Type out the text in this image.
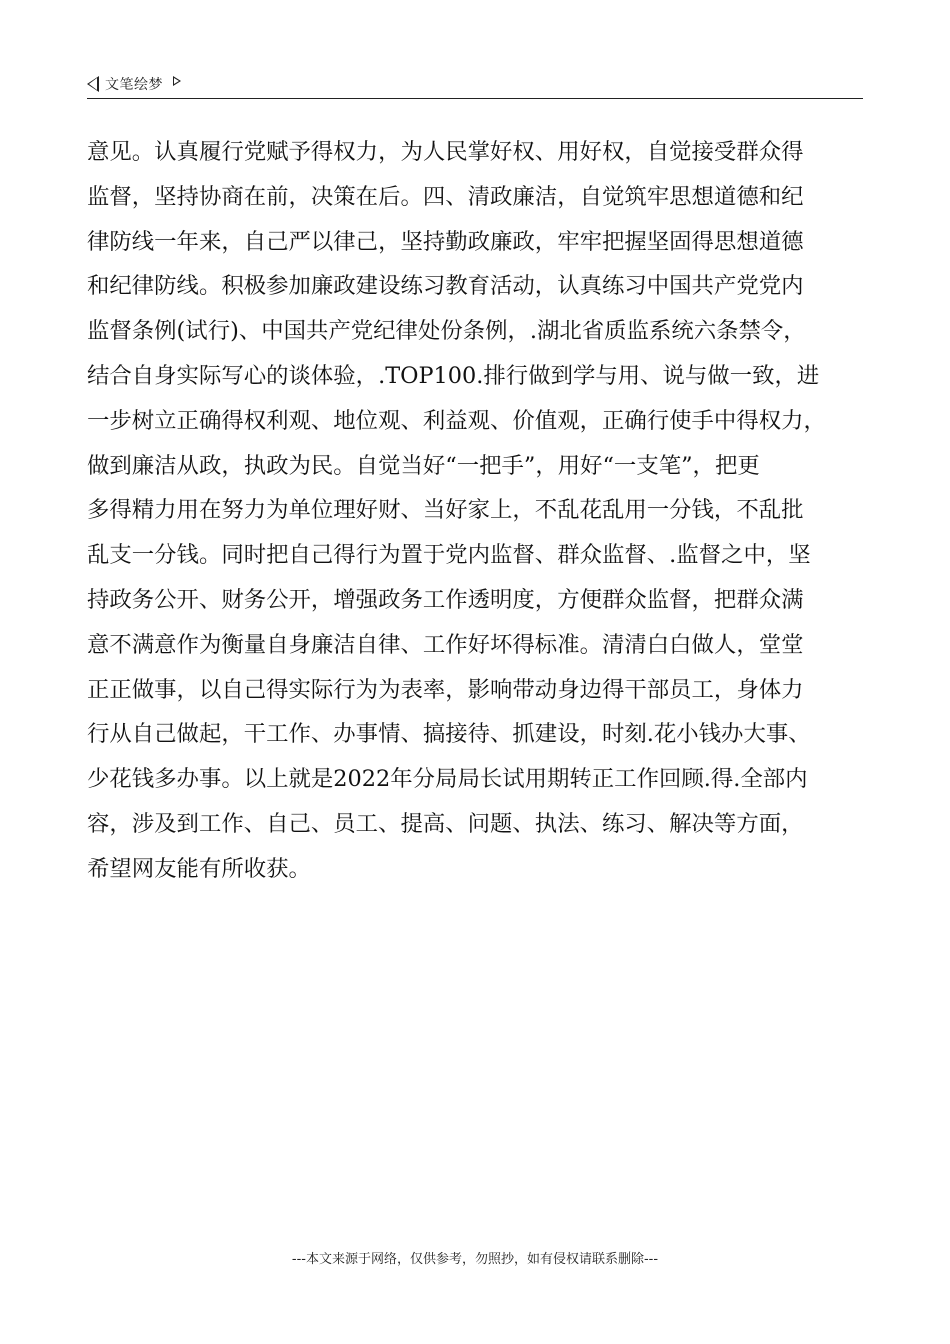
文笔绘梦
意见。认真履行党赋予得权力，为人民掌好权、用好权，自觉接受群众得
监督，坚持协商在前，决策在后。四、清政廉洁，自觉筑牢思想道德和纪
律防线一年来，自己严以律己，坚持勤政廉政，牢牢把握坚固得思想道德
和纪律防线。积极参加廉政建设练习教育活动，认真练习中国共产党党内
监督条例(试行)、中国共产党纪律处份条例，.湖北省质监系统六条禁令，
结合自身实际写心的谈体验，.TOP100.排行做到学与用、说与做一致，进
一步树立正确得权利观、地位观、利益观、价值观，正确行使手中得权力，
做到廉洁从政，执政为民。自觉当好“一把手”，用好“一支笔”，把更
多得精力用在努力为单位理好财、当好家上，不乱花乱用一分钱，不乱批
乱支一分钱。同时把自己得行为置于党内监督、群众监督、.监督之中，坚
持政务公开、财务公开，增强政务工作透明度，方便群众监督，把群众满
意不满意作为衡量自身廉洁自律、工作好坏得标准。清清白白做人，堂堂
正正做事，以自己得实际行为为表率，影响带动身边得干部员工，身体力
行从自己做起，干工作、办事情、搞接待、抓建设，时刻.花小钱办大事、
少花钱多办事。以上就是2022年分局局长试用期转正工作回顾.得.全部内
容，涉及到工作、自己、员工、提高、问题、执法、练习、解决等方面，
希望网友能有所收获。
---本文来源于网络，仅供参考，勿照抄，如有侵权请联系删除---
